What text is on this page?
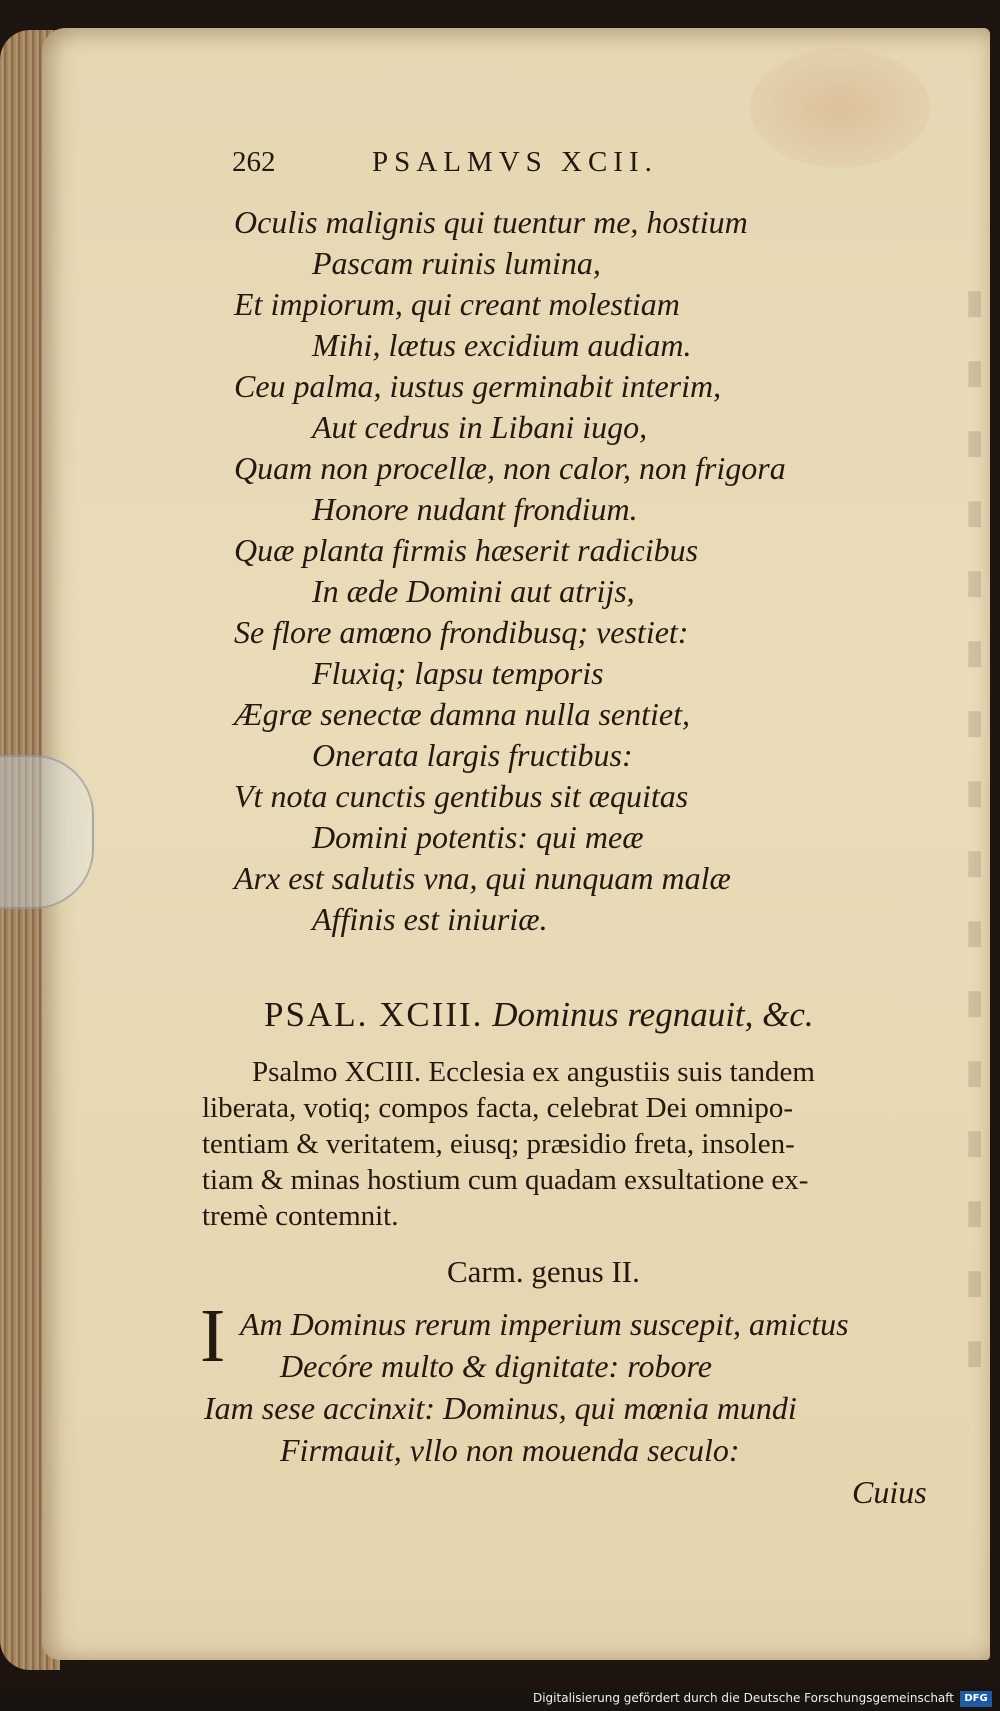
▮
▮
▮
▮
▮
▮
▮
▮
▮
▮
▮
▮
▮
▮
▮
▮
262	PSALMVS XCII.
Oculis malignis qui tuentur me, hostium
Pascam ruinis lumina,
Et impiorum, qui creant molestiam
Mihi, lætus excidium audiam.
Ceu palma, iustus germinabit interim,
Aut cedrus in Libani iugo,
Quam non procellæ, non calor, non frigora
Honore nudant frondium.
Quæ planta firmis hæserit radicibus
In æde Domini aut atrijs,
Se flore amœno frondibusq; vestiet:
Fluxiq; lapsu temporis
Ægræ senectæ damna nulla sentiet,
Onerata largis fructibus:
Vt nota cunctis gentibus sit æquitas
Domini potentis: qui meæ
Arx est salutis vna, qui nunquam malæ
Affinis est iniuriæ.
PSAL. XCIII. Dominus regnauit, &c.
Psalmo XCIII. Ecclesia ex angustiis suis tandem
liberata, votiq; compos facta, celebrat Dei omnipo-
tentiam & veritatem, eiusq; præsidio freta, insolen-
tiam & minas hostium cum quadam exsultatione ex-
tremè contemnit.
Carm. genus II.
I Am Dominus rerum imperium suscepit, amictus
Decóre multo & dignitate: robore
Iam sese accinxit: Dominus, qui mœnia mundi
Firmauit, vllo non mouenda seculo:
Cuius
Digitalisierung gefördert durch die Deutsche Forschungsgemeinschaft	DFG
